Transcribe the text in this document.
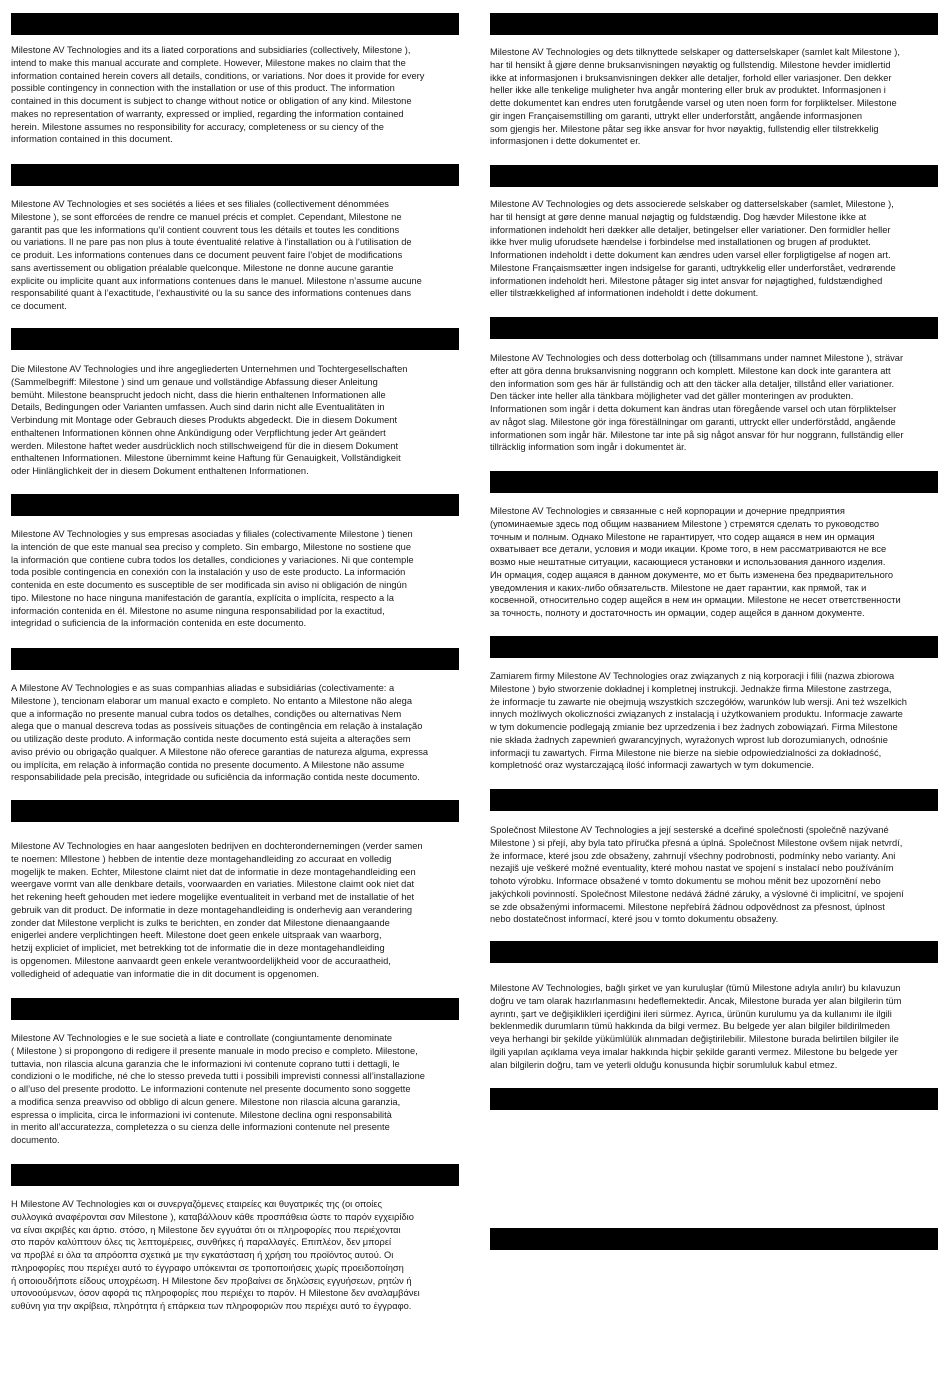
Milestone AV Technologies and its a liated corporations and subsidiaries (collectively, Milestone ),
intend to make this manual accurate and complete. However, Milestone makes no claim that the
information contained herein covers all details, conditions, or variations. Nor does it provide for every
possible contingency in connection with the installation or use of this product. The information
contained in this document is subject to change without notice or obligation of any kind. Milestone
makes no representation of warranty, expressed or implied, regarding the information contained
herein. Milestone assumes no responsibility for accuracy, completeness or su ciency of the
information contained in this document.

Milestone AV Technologies et ses sociétés a liées et ses filiales (collectivement dénommées
Milestone ), se sont efforcées de rendre ce manuel précis et complet. Cependant, Milestone ne
garantit pas que les informations qu’il contient couvrent tous les détails et toutes les conditions
ou variations. Il ne pare pas non plus à toute éventualité relative à l’installation ou à l’utilisation de
ce produit. Les informations contenues dans ce document peuvent faire l’objet de modifications
sans avertissement ou obligation préalable quelconque. Milestone ne donne aucune garantie
explicite ou implicite quant aux informations contenues dans le manuel. Milestone n’assume aucune
responsabilité quant à l’exactitude, l’exhaustivité ou la su sance des informations contenues dans
ce document.

Die Milestone AV Technologies und ihre angegliederten Unternehmen und Tochtergesellschaften
(Sammelbegriff: Milestone ) sind um genaue und vollständige Abfassung dieser Anleitung
bemüht. Milestone beansprucht jedoch nicht, dass die hierin enthaltenen Informationen alle
Details, Bedingungen oder Varianten umfassen. Auch sind darin nicht alle Eventualitäten in
Verbindung mit Montage oder Gebrauch dieses Produkts abgedeckt. Die in diesem Dokument
enthaltenen Informationen können ohne Ankündigung oder Verpflichtung jeder Art geändert
werden. Milestone haftet weder ausdrücklich noch stillschweigend für die in diesem Dokument
enthaltenen Informationen. Milestone übernimmt keine Haftung für Genauigkeit, Vollständigkeit
oder Hinlänglichkeit der in diesem Dokument enthaltenen Informationen.

Milestone AV Technologies y sus empresas asociadas y filiales (colectivamente Milestone ) tienen
la intención de que este manual sea preciso y completo. Sin embargo, Milestone no sostiene que
la información que contiene cubra todos los detalles, condiciones y variaciones. Ni que contemple
toda posible contingencia en conexión con la instalación y uso de este producto. La información
contenida en este documento es susceptible de ser modificada sin aviso ni obligación de ningún
tipo. Milestone no hace ninguna manifestación de garantía, explícita o implícita, respecto a la
información contenida en él. Milestone no asume ninguna responsabilidad por la exactitud,
integridad o suficiencia de la información contenida en este documento.

A Milestone AV Technologies e as suas companhias aliadas e subsidiárias (colectivamente: a
Milestone ), tencionam elaborar um manual exacto e completo. No entanto a Milestone não alega
que a informação no presente manual cubra todos os detalhes, condições ou alternativas Nem
alega que o manual descreva todas as possíveis situações de contingência em relação à instalação
ou utilização deste produto. A informação contida neste documento está sujeita a alterações sem
aviso prévio ou obrigação qualquer. A Milestone não oferece garantias de natureza alguma, expressa
ou implícita, em relação à informação contida no presente documento. A Milestone não assume
responsabilidade pela precisão, integridade ou suficiência da informação contida neste documento.

Milestone AV Technologies en haar aangesloten bedrijven en dochterondernemingen (verder samen
te noemen: Mllestone ) hebben de intentie deze montagehandleiding zo accuraat en volledig
mogelijk te maken. Echter, Milestone claimt niet dat de informatie in deze montagehandleiding een
weergave vormt van alle denkbare details, voorwaarden en variaties. Milestone claimt ook niet dat
het rekening heeft gehouden met iedere mogelijke eventualiteit in verband met de installatie of het
gebruik van dit product. De informatie in deze montagehandleiding is onderhevig aan verandering
zonder dat Milestone verplicht is zulks te berichten, en zonder dat Milestone dienaangaande
enigerlei andere verplichtingen heeft. Milestone doet geen enkele uitspraak van waarborg,
hetzij expliciet of impliciet, met betrekking tot de informatie die in deze montagehandleiding
is opgenomen. Milestone aanvaardt geen enkele verantwoordelijkheid voor de accuraatheid,
volledigheid of adequatie van informatie die in dit document is opgenomen.

Milestone AV Technologies e le sue società a liate e controllate (congiuntamente denominate
( Milestone ) si propongono di redigere il presente manuale in modo preciso e completo. Milestone,
tuttavia, non rilascia alcuna garanzia che le informazioni ivi contenute coprano tutti i dettagli, le
condizioni o le modifiche, né che lo stesso preveda tutti i possibili imprevisti connessi all’installazione
o all’uso del presente prodotto. Le informazioni contenute nel presente documento sono soggette
a modifica senza preavviso od obbligo di alcun genere. Milestone non rilascia alcuna garanzia,
espressa o implicita, circa le informazioni ivi contenute. Milestone declina ogni responsabilità
in merito all’accuratezza, completezza o su cienza delle informazioni contenute nel presente
documento.

Η Milestone AV Technologies και οι συνεργαζόμενες εταιρείες και θυγατρικές της (οι οποίες
συλλογικά αναφέρονται σαν Milestone ), καταβάλλουν κάθε προσπάθεια ώστε το παρόν εγχειρίδιο
να είναι ακριβές και άρτιο. στόσο, η Milestone δεν εγγυάται ότι οι πληροφορίες που περιέχονται
στο παρόν καλύπτουν όλες τις λεπτομέρειες, συνθήκες ή παραλλαγές. Επιπλέον, δεν μπορεί
να προβλέ ει όλα τα απρόοπτα σχετικά με την εγκατάσταση ή χρήση του προϊόντος αυτού. Οι
πληροφορίες που περιέχει αυτό το έγγραφο υπόκεινται σε τροποποιήσεις χωρίς προειδοποίηση
ή οποιουδήποτε είδους υποχρέωση. Η Milestone δεν προβαίνει σε δηλώσεις εγγυήσεων, ρητών ή
υπονοούμενων, όσον αφορά τις πληροφορίες που περιέχει το παρόν. Η Milestone δεν αναλαμβάνει
ευθύνη για την ακρίβεια, πληρότητα ή επάρκεια των πληροφοριών που περιέχει αυτό το έγγραφο.

Milestone AV Technologies og dets tilknyttede selskaper og datterselskaper (samlet kalt Milestone ),
har til hensikt å gjøre denne bruksanvisningen nøyaktig og fullstendig. Milestone hevder imidlertid
ikke at informasjonen i bruksanvisningen dekker alle detaljer, forhold eller variasjoner. Den dekker
heller ikke alle tenkelige muligheter hva angår montering eller bruk av produktet. Informasjonen i
dette dokumentet kan endres uten forutgående varsel og uten noen form for forpliktelser. Milestone
gir ingen Françaisemstilling om garanti, uttrykt eller underforstått, angående informasjonen
som gjengis her. Milestone påtar seg ikke ansvar for hvor nøyaktig, fullstendig eller tilstrekkelig
informasjonen i dette dokumentet er.

Milestone AV Technologies og dets associerede selskaber og datterselskaber (samlet, Milestone ),
har til hensigt at gøre denne manual nøjagtig og fuldstændig. Dog hævder Milestone ikke at
informationen indeholdt heri dækker alle detaljer, betingelser eller variationer. Den formidler heller
ikke hver mulig uforudsete hændelse i forbindelse med installationen og brugen af produktet.
Informationen indeholdt i dette dokument kan ændres uden varsel eller forpligtigelse af nogen art.
Milestone Françaismsætter ingen indsigelse for garanti, udtrykkelig eller underforstået, vedrørende
informationen indeholdt heri. Milestone påtager sig intet ansvar for nøjagtighed, fuldstændighed
eller tilstrækkelighed af informationen indeholdt i dette dokument.

Milestone AV Technologies och dess dotterbolag och (tillsammans under namnet Milestone ), strävar
efter att göra denna bruksanvisning noggrann och komplett. Milestone kan dock inte garantera att
den information som ges här är fullständig och att den täcker alla detaljer, tillstånd eller variationer.
Den täcker inte heller alla tänkbara möjligheter vad det gäller monteringen av produkten.
Informationen som ingår i detta dokument kan ändras utan föregående varsel och utan förpliktelser
av något slag. Milestone gör inga föreställningar om garanti, uttryckt eller underförstådd, angående
informationen som ingår här. Milestone tar inte på sig något ansvar för hur noggrann, fullständig eller
tillräcklig information som ingår i dokumentet är.

Milestone AV Technologies и связанные с ней корпорации и дочерние предприятия
(упоминаемые здесь под общим названием Milestone ) стремятся сделать то руководство
точным и полным. Однако Milestone не гарантирует, что содер ащаяся в нем ин ормация
охватывает все детали, условия и моди икации. Кроме того, в нем рассматриваются не все
возмо ные нештатные ситуации, касающиеся установки и использования данного изделия.
Ин ормация, содер ащаяся в данном документе, мо ет быть изменена без предварительного
уведомления и каких-либо обязательств. Milestone не дает гарантии, как прямой, так и
косвенной, относительно содер ащейся в нем ин ормации. Milestone не несет ответственности
за точность, полноту и достаточность ин ормации, содер ащейся в данном документе.

Zamiarem firmy Milestone AV Technologies oraz związanych z nią korporacji i filii (nazwa zbiorowa
Milestone ) było stworzenie dokładnej i kompletnej instrukcji. Jednakże firma Milestone zastrzega,
że informacje tu zawarte nie obejmują wszystkich szczegółów, warunków lub wersji. Ani też wszelkich
innych możliwych okoliczności związanych z instalacją i użytkowaniem produktu. Informacje zawarte
w tym dokumencie podlegają zmianie bez uprzedzenia i bez żadnych zobowiązań. Firma Milestone
nie składa żadnych zapewnień gwarancyjnych, wyrażonych wprost lub dorozumianych, odnośnie
informacji tu zawartych. Firma Milestone nie bierze na siebie odpowiedzialności za dokładność,
kompletność oraz wystarczającą ilość informacji zawartych w tym dokumencie.

Společnost Milestone AV Technologies a její sesterské a dceřiné společnosti (společně nazývané
Milestone ) si přejí, aby byla tato příručka přesná a úplná. Společnost Milestone ovšem nijak netvrdí,
že informace, které jsou zde obsaženy, zahrnují všechny podrobnosti, podmínky nebo varianty. Ani
nezajiš uje veškeré možné eventuality, které mohou nastat ve spojení s instalací nebo používáním
tohoto výrobku. Informace obsažené v tomto dokumentu se mohou měnit bez upozornění nebo
jakýchkoli povinností. Společnost Milestone nedává žádné záruky, a výslovné či implicitní, ve spojení
se zde obsaženými informacemi. Milestone nepřebírá žádnou odpovědnost za přesnost, úplnost
nebo dostatečnost informací, které jsou v tomto dokumentu obsaženy.

Milestone AV Technologies, bağlı şirket ve yan kuruluşlar (tümü Milestone adıyla anılır) bu kılavuzun
doğru ve tam olarak hazırlanmasını hedeflemektedir. Ancak, Milestone burada yer alan bilgilerin tüm
ayrıntı, şart ve değişiklikleri içerdiğini ileri sürmez. Ayrıca, ürünün kurulumu ya da kullanımı ile ilgili
beklenmedik durumların tümü hakkında da bilgi vermez. Bu belgede yer alan bilgiler bildirilmeden
veya herhangi bir şekilde yükümlülük alınmadan değiştirilebilir. Milestone burada belirtilen bilgiler ile
ilgili yapılan açıklama veya imalar hakkında hiçbir şekilde garanti vermez. Milestone bu belgede yer
alan bilgilerin doğru, tam ve yeterli olduğu konusunda hiçbir sorumluluk kabul etmez.
